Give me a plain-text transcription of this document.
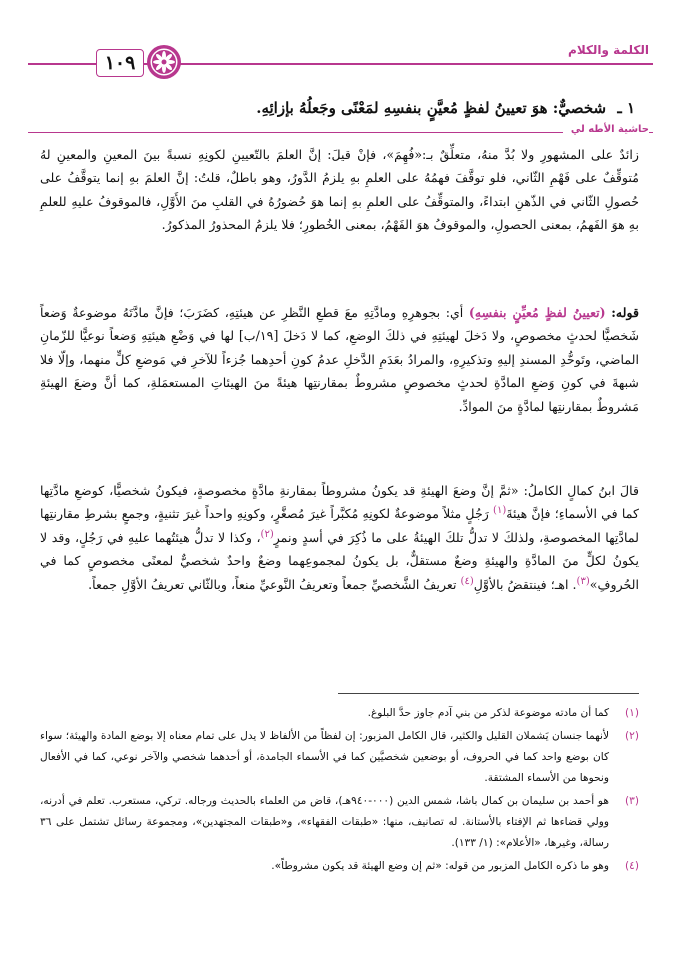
١٠٩
الكلمة والكلام
١ ـ شخصيٌّ: هوَ تعيينُ لفظٍ مُعيَّنٍ بنفسِهِ لمَعْنًى وجَعلُهُ بإزائِهِ.
حاشية الأطه لي

زائدٌ على المشهورِ ولا بُدَّ منهُ، متعلِّقٌ بـ:«فُهِمَ»، فإنْ قيلَ: إنَّ العلمَ بالتّعيينِ لكونِهِ نسبةً بينَ المعينِ والمعينِ لهُ مُتوقِّفٌ على فَهْمِ الثّاني، فلو توقَّفَ فهمُهُ على العلمِ بهِ يلزمُ الدَّورُ، وهو باطلٌ، قلتُ: إنَّ العلمَ بهِ إنما يتوقَّفُ على حُصولِ الثّاني في الذّهنِ ابتداءً، والمتوقِّفُ على العلمِ بهِ إنما هوَ حُضورُهُ في القلبِ منَ الأَوَّلِ، فالموقوفُ عليهِ للعلمِ بهِ هوَ الفَهمُ، بمعنى الحصولِ، والموقوفُ هوَ الفَهْمُ، بمعنى الخُطورِ؛ فلا يلزمُ المحذورُ المذكورُ.

قوله: (تعيينُ لفظٍ مُعيِّنٍ بنفسِهِ) أي: بجوهرِهِ ومادَّتِهِ معَ قطعِ النَّظرِ عن هيئتِهِ، كضَرَبَ؛ فإنَّ مادَّتَهُ موضوعةٌ وَضعاً شَخصيًّا لحدثٍ مخصوصٍ، ولا دَخلَ لهيئتِهِ في ذلكَ الوضعِ، كما لا دَخلَ [١٩/ب] لها في وَضْعِ هيئتِهِ وَضعاً نوعيًّا للزّمانِ الماضي، وتَوحُّدِ المسندِ إليهِ وتذكيرِهِ، والمرادُ بعَدَمِ الدَّخلِ عدمُ كونِ أحدِهما جُزءاً للآخرِ في مَوضعِ كلٍّ منهما، وإلّا فلا شبهةَ في كونِ وَضعِ المادَّةِ لحدثٍ مخصوصٍ مشروطٌ بمقارنتِها هيئةً منَ الهيئاتِ المستعمَلةِ، كما أنَّ وضعَ الهيئةِ مَشروطٌ بمقارنتِها لمادَّةٍ منَ الموادِّ.

قالَ ابنُ كمالٍ الكاملُ: «ثمَّ إنَّ وضعَ الهيئةِ قد يكونُ مشروطاً بمقارنةِ مادَّةٍ مخصوصةٍ، فيكونُ شخصيًّا، كوضعِ مادَّتِها كما في الأسماءِ؛ فإنَّ هيئةَ$^{(١)}$ رَجُلٍ مثلاً موضوعةٌ لكونِهِ مُكبَّراً غيرَ مُصغَّرٍ، وكونِهِ واحداً غيرَ تثنيةٍ، وجمعٍ بشرطِ مقارنتِها لمادَّتِها المخصوصةِ، ولذلكَ لا تدلُّ تلكَ الهيئةُ على ما ذُكِرَ في أسدٍ ونمرٍ$^{(٢)}$، وكذا لا تدلُّ هيئتُهما عليهِ في رَجُلٍ، وقد لا يكونُ لكلٍّ منَ المادَّةِ والهيئةِ وضعٌ مستقلٌّ، بل يكونُ لمجموعِهما وضعٌ واحدٌ شخصيٌّ لمعنًى مخصوصٍ كما في الحُروفِ»$^{(٣)}$. اهـ؛ فينتقضُ بالأوَّلِ$^{(٤)}$ تعريفُ الشَّخصيِّ جمعاً وتعريفُ النَّوعيِّ منعاً، وبالثّاني تعريفُ الأوَّلِ جمعاً.

(١)
كما أن مادته موضوعة لذكر من بني آدم جاوز حدَّ البلوغ.
(٢)
لأنهما جنسان يَشملان القليل والكثير، قال الكامل المزبور: إن لفظاً من الألفاظ لا يدل على تمام معناه إلا بوضع المادة والهيئة؛ سواء كان بوضع واحد كما في الحروف، أو بوضعين شخصيَّين كما في الأسماء الجامدة، أو أحدهما شخصي والآخر نوعي، كما في الأفعال ونحوها من الأسماء المشتقة.
(٣)
هو أحمد بن سليمان بن كمال باشا، شمس الدين (٠٠٠-٩٤٠هـ)، قاض من العلماء بالحديث ورجاله. تركي، مستعرب. تعلم في أدرنه، وولي قضاءها ثم الإفتاء بالأستانة. له تصانيف، منها: «طبقات الفقهاء»، و«طبقات المجتهدين»، ومجموعة رسائل تشتمل على ٣٦ رسالة، وغيرها، «الأعلام»: (١/ ١٣٣).
(٤)
وهو ما ذكره الكامل المزبور من قوله: «ثم إن وضع الهيئة قد يكون مشروطاً».
